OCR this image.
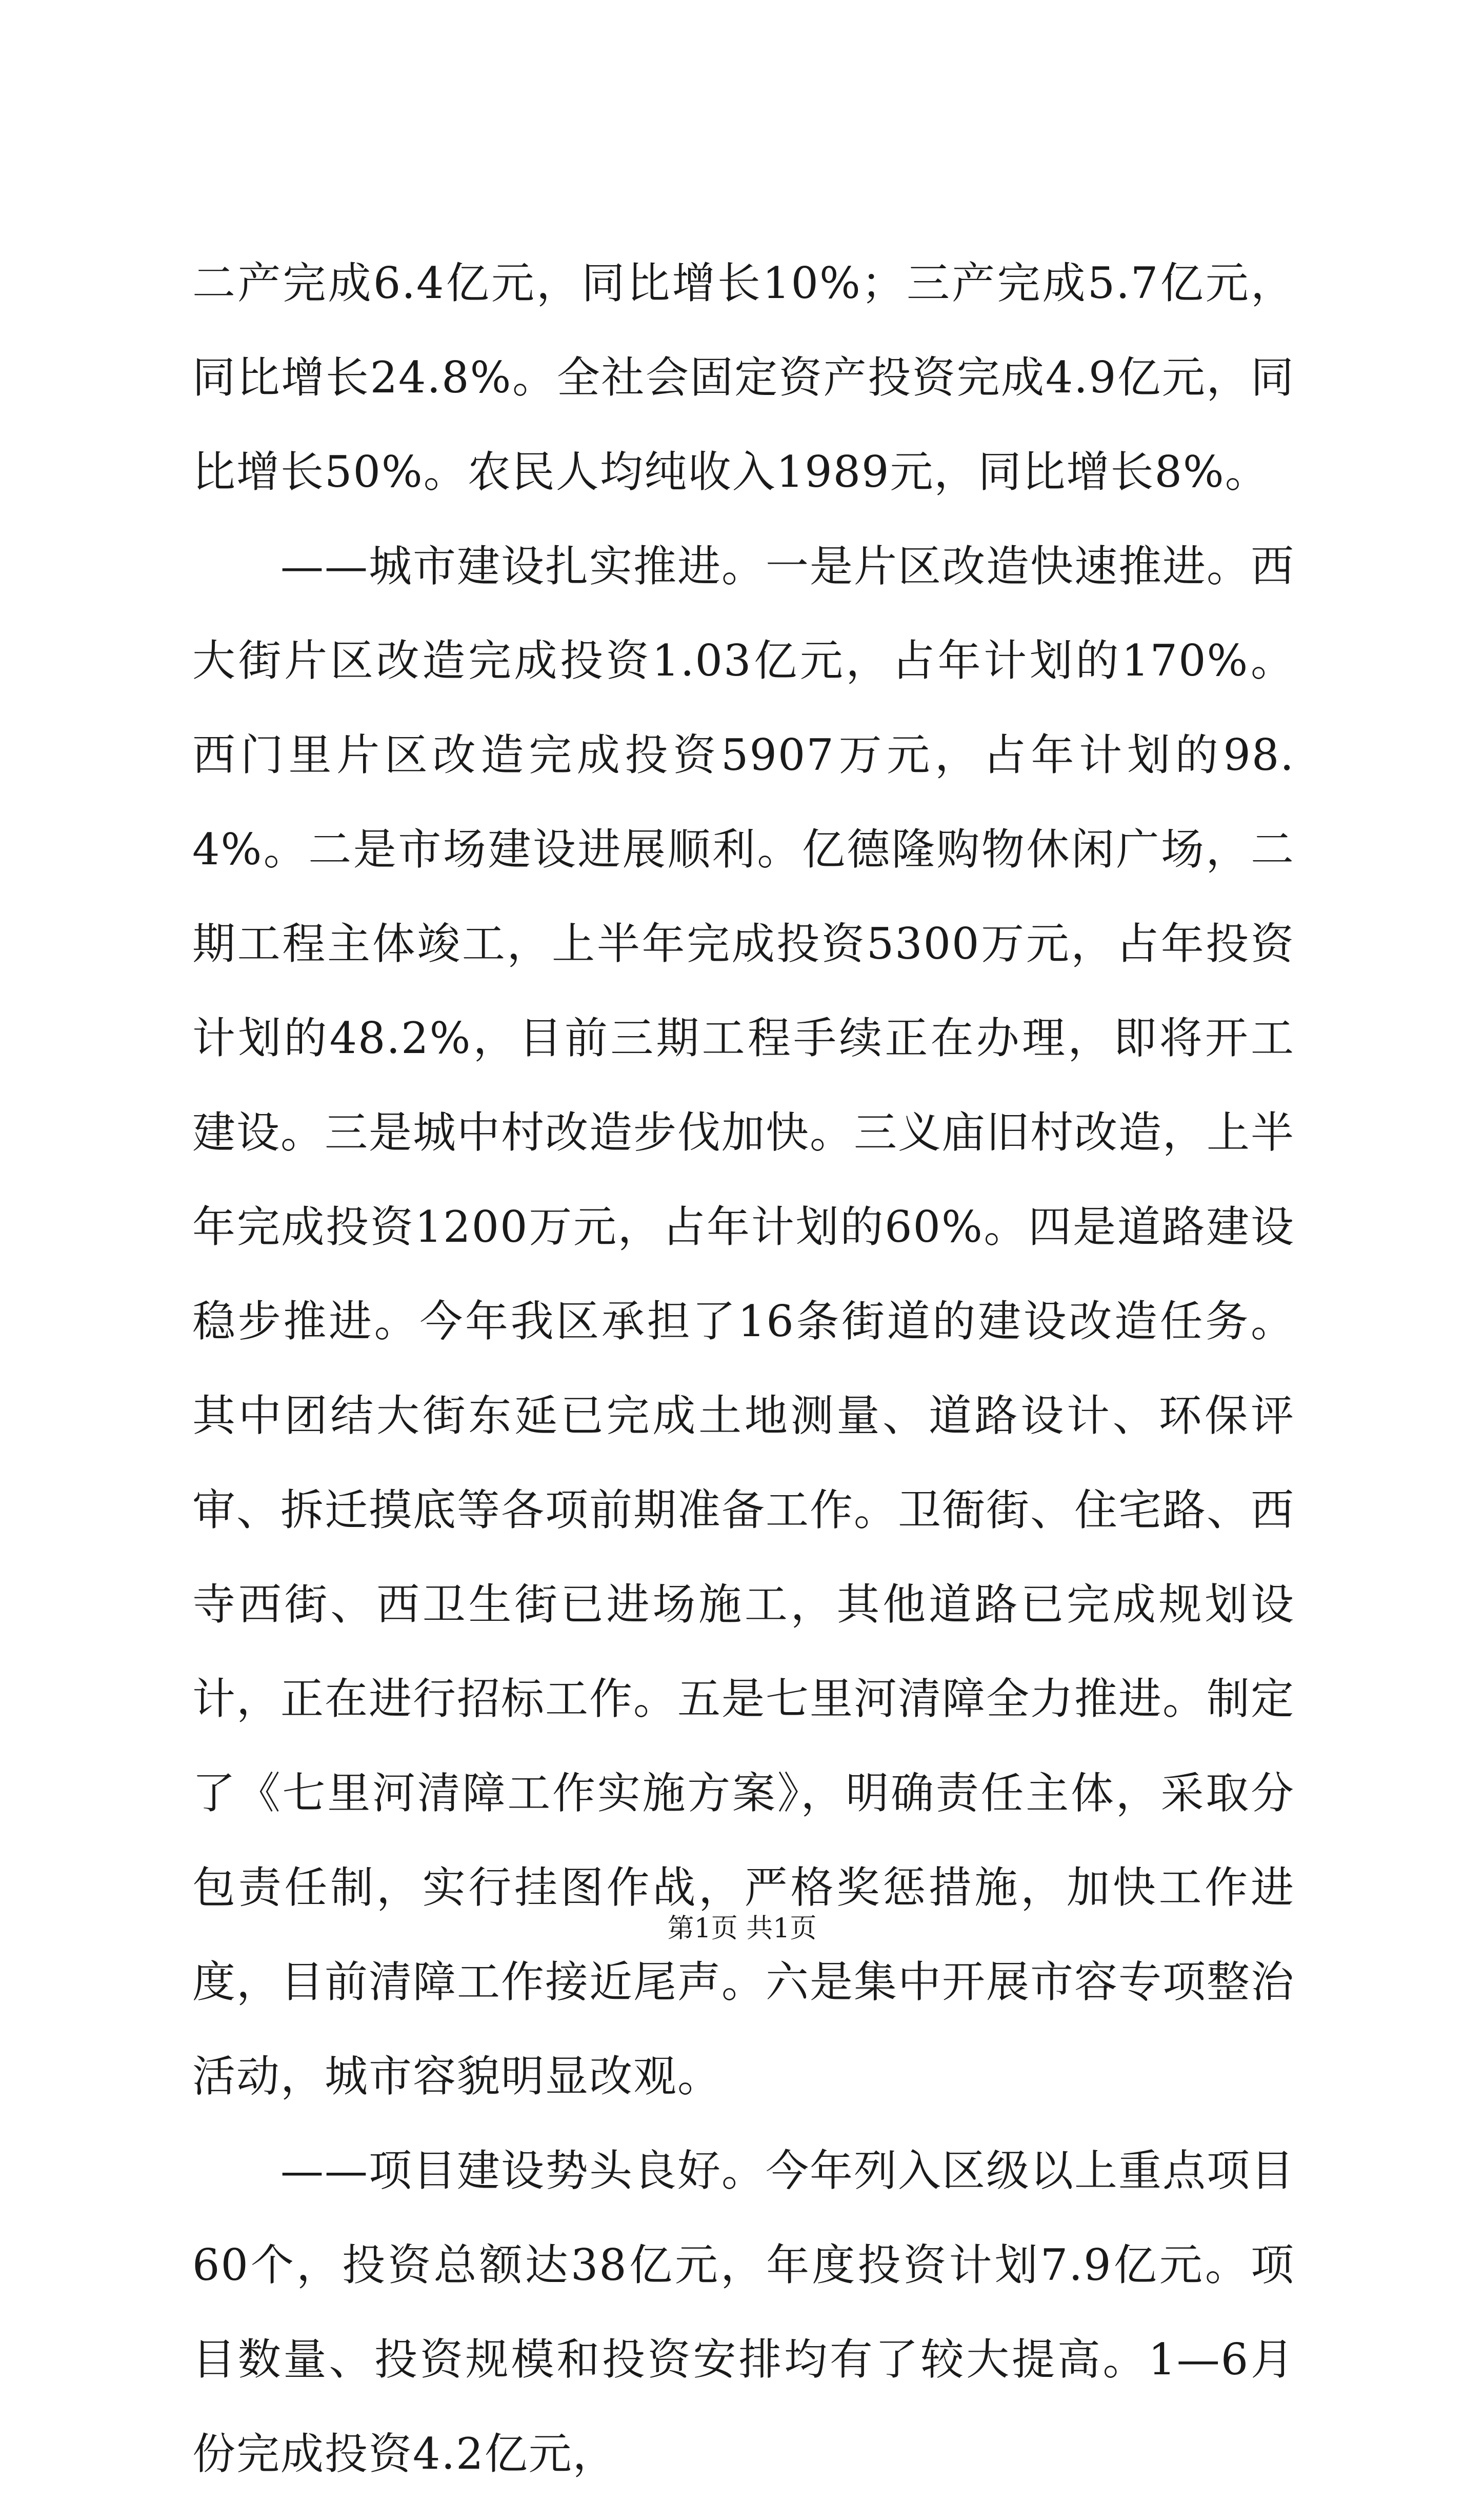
二产完成6.4亿元，同比增长10%；三产完成5.7亿元，同比增长24.8%。全社会固定资产投资完成4.9亿元，同比增长50%。农民人均纯收入1989元，同比增长8%。

——城市建设扎实推进。一是片区改造快速推进。西大街片区改造完成投资1.03亿元，占年计划的170%。西门里片区改造完成投资5907万元，占年计划的98.4%。二是市场建设进展顺利。亿德隆购物休闲广场，二期工程主体竣工，上半年完成投资5300万元，占年投资计划的48.2%，目前三期工程手续正在办理，即将开工建设。三是城中村改造步伐加快。三义庙旧村改造，上半年完成投资1200万元，占年计划的60%。四是道路建设稳步推进。今年我区承担了16条街道的建设改造任务。其中团结大街东延已完成土地测量、道路设计、环保评审、拆迁摸底等各项前期准备工作。卫衙街、住宅路、西寺西街、西卫生街已进场施工，其他道路已完成规划设计，正在进行招标工作。五是七里河清障全力推进。制定了《七里河清障工作实施方案》，明确责任主体，采取分包责任制，实行挂图作战，严格奖惩措施，加快工作进度，目前清障工作接近尾声。六是集中开展市容专项整治活动，城市容貌明显改观。

——项目建设势头良好。今年列入区级以上重点项目60个，投资总额达38亿元，年度投资计划7.9亿元。项目数量、投资规模和投资安排均有了较大提高。1—6月份完成投资4.2亿元，

第1页 共1页
